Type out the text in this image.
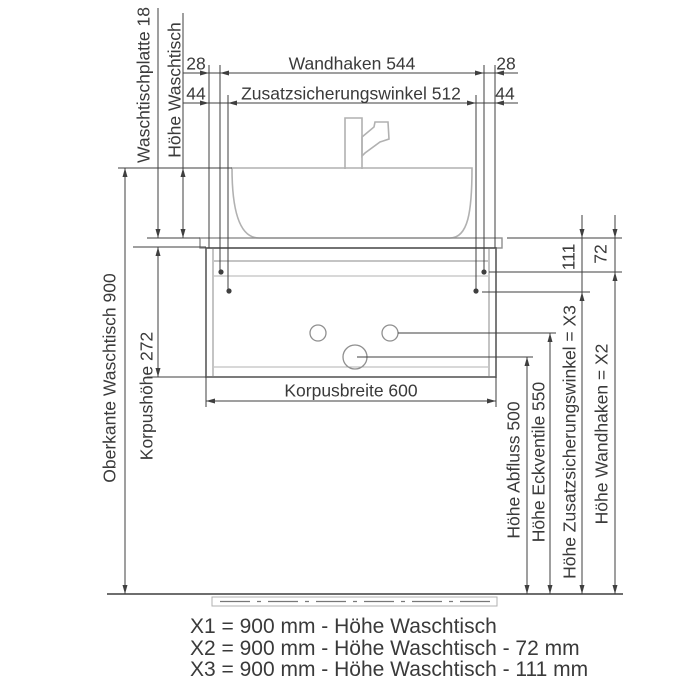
28	Wandhaken 544	28
44 Zusatzsicherungswinkel 512 44
Waschtischplatte 18 Höhe Waschtisch
Oberkante Waschtisch 900 Korpushöhe 272	Korpusbreite 600
111 72
Höhe Abfluss 500 Höhe Eckventile 550 Höhe Zusatzsicherungswinkel = X3 Höhe Wandhaken = X2
X1 = 900 mm - Höhe Waschtisch
X2 = 900 mm - Höhe Waschtisch - 72 mm
X3 = 900 mm - Höhe Waschtisch - 111 mm
